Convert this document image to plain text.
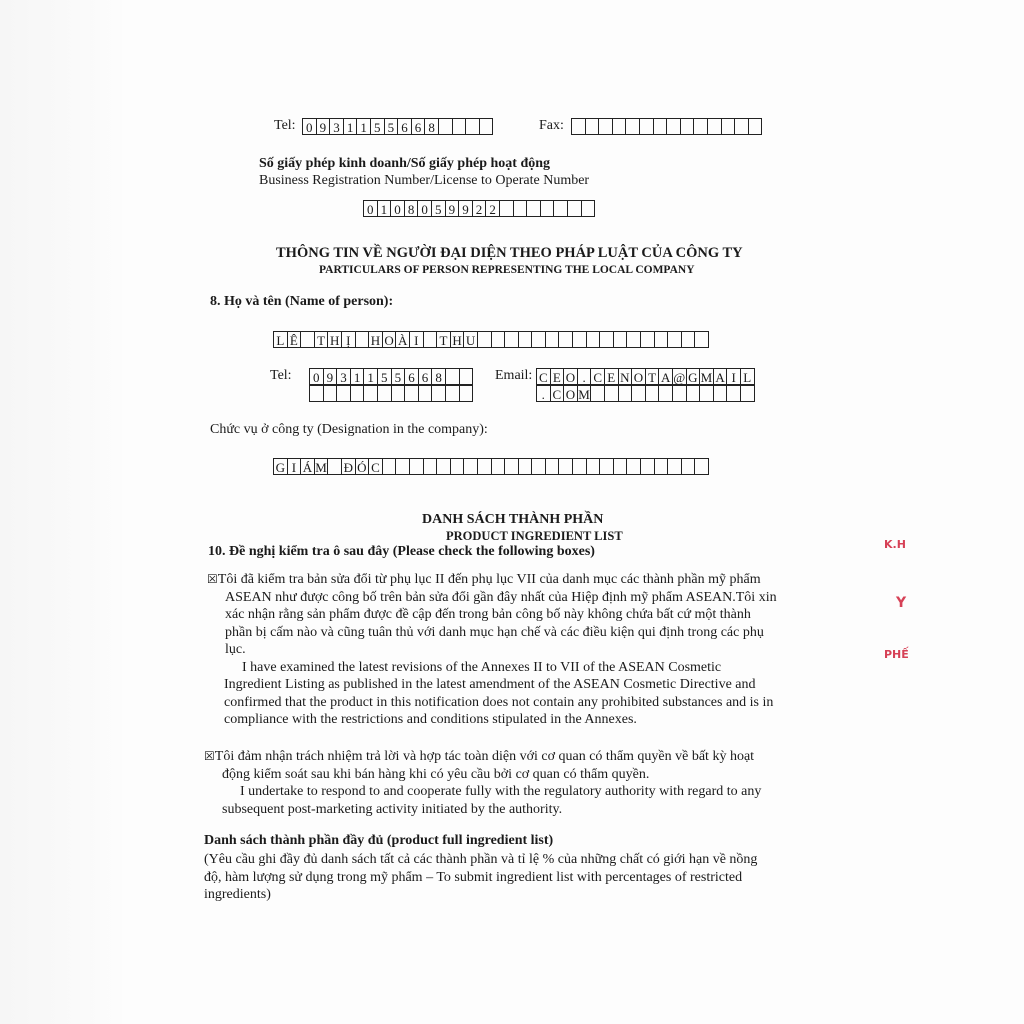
Tel: 0 9 3 1 1 5 5 6 6 8	Fax:
Số giấy phép kinh doanh/Số giấy phép hoạt động
Business Registration Number/License to Operate Number
0 1 0 8 0 5 9 9 2 2
THÔNG TIN VỀ NGƯỜI ĐẠI DIỆN THEO PHÁP LUẬT CỦA CÔNG TY
PARTICULARS OF PERSON REPRESENTING THE LOCAL COMPANY
8. Họ và tên (Name of person):
L Ê T H Ị	H O À I	T H U
Tel:	0 9 3 1 1 5 5 6 6 8	Email: C E O . C E N O T A @ G M A I L
. C O M
Chức vụ ở công ty (Designation in the company):
G I Á M Đ Ó C
DANH SÁCH THÀNH PHẦN
PRODUCT INGREDIENT LIST
10. Đề nghị kiểm tra ô sau đây (Please check the following boxes)
☒Tôi đã kiểm tra bản sửa đổi từ phụ lục II đến phụ lục VII của danh mục các thành phần mỹ phẩm
ASEAN như được công bố trên bản sửa đổi gần đây nhất của Hiệp định mỹ phẩm ASEAN.Tôi xin
xác nhận rằng sản phẩm được đề cập đến trong bản công bố này không chứa bất cứ một thành
phần bị cấm nào và cũng tuân thủ với danh mục hạn chế và các điều kiện qui định trong các phụ
lục.
I have examined the latest revisions of the Annexes II to VII of the ASEAN Cosmetic
Ingredient Listing as published in the latest amendment of the ASEAN Cosmetic Directive and
confirmed that the product in this notification does not contain any prohibited substances and is in
compliance with the restrictions and conditions stipulated in the Annexes.
☒Tôi đảm nhận trách nhiệm trả lời và hợp tác toàn diện với cơ quan có thẩm quyền về bất kỳ hoạt
động kiểm soát sau khi bán hàng khi có yêu cầu bởi cơ quan có thẩm quyền.
I undertake to respond to and cooperate fully with the regulatory authority with regard to any
subsequent post-marketing activity initiated by the authority.
Danh sách thành phần đầy đủ (product full ingredient list)
(Yêu cầu ghi đầy đủ danh sách tất cả các thành phần và tỉ lệ % của những chất có giới hạn về nồng
độ, hàm lượng sử dụng trong mỹ phẩm – To submit ingredient list with percentages of restricted
ingredients)
K.H
Y
PHẾ
